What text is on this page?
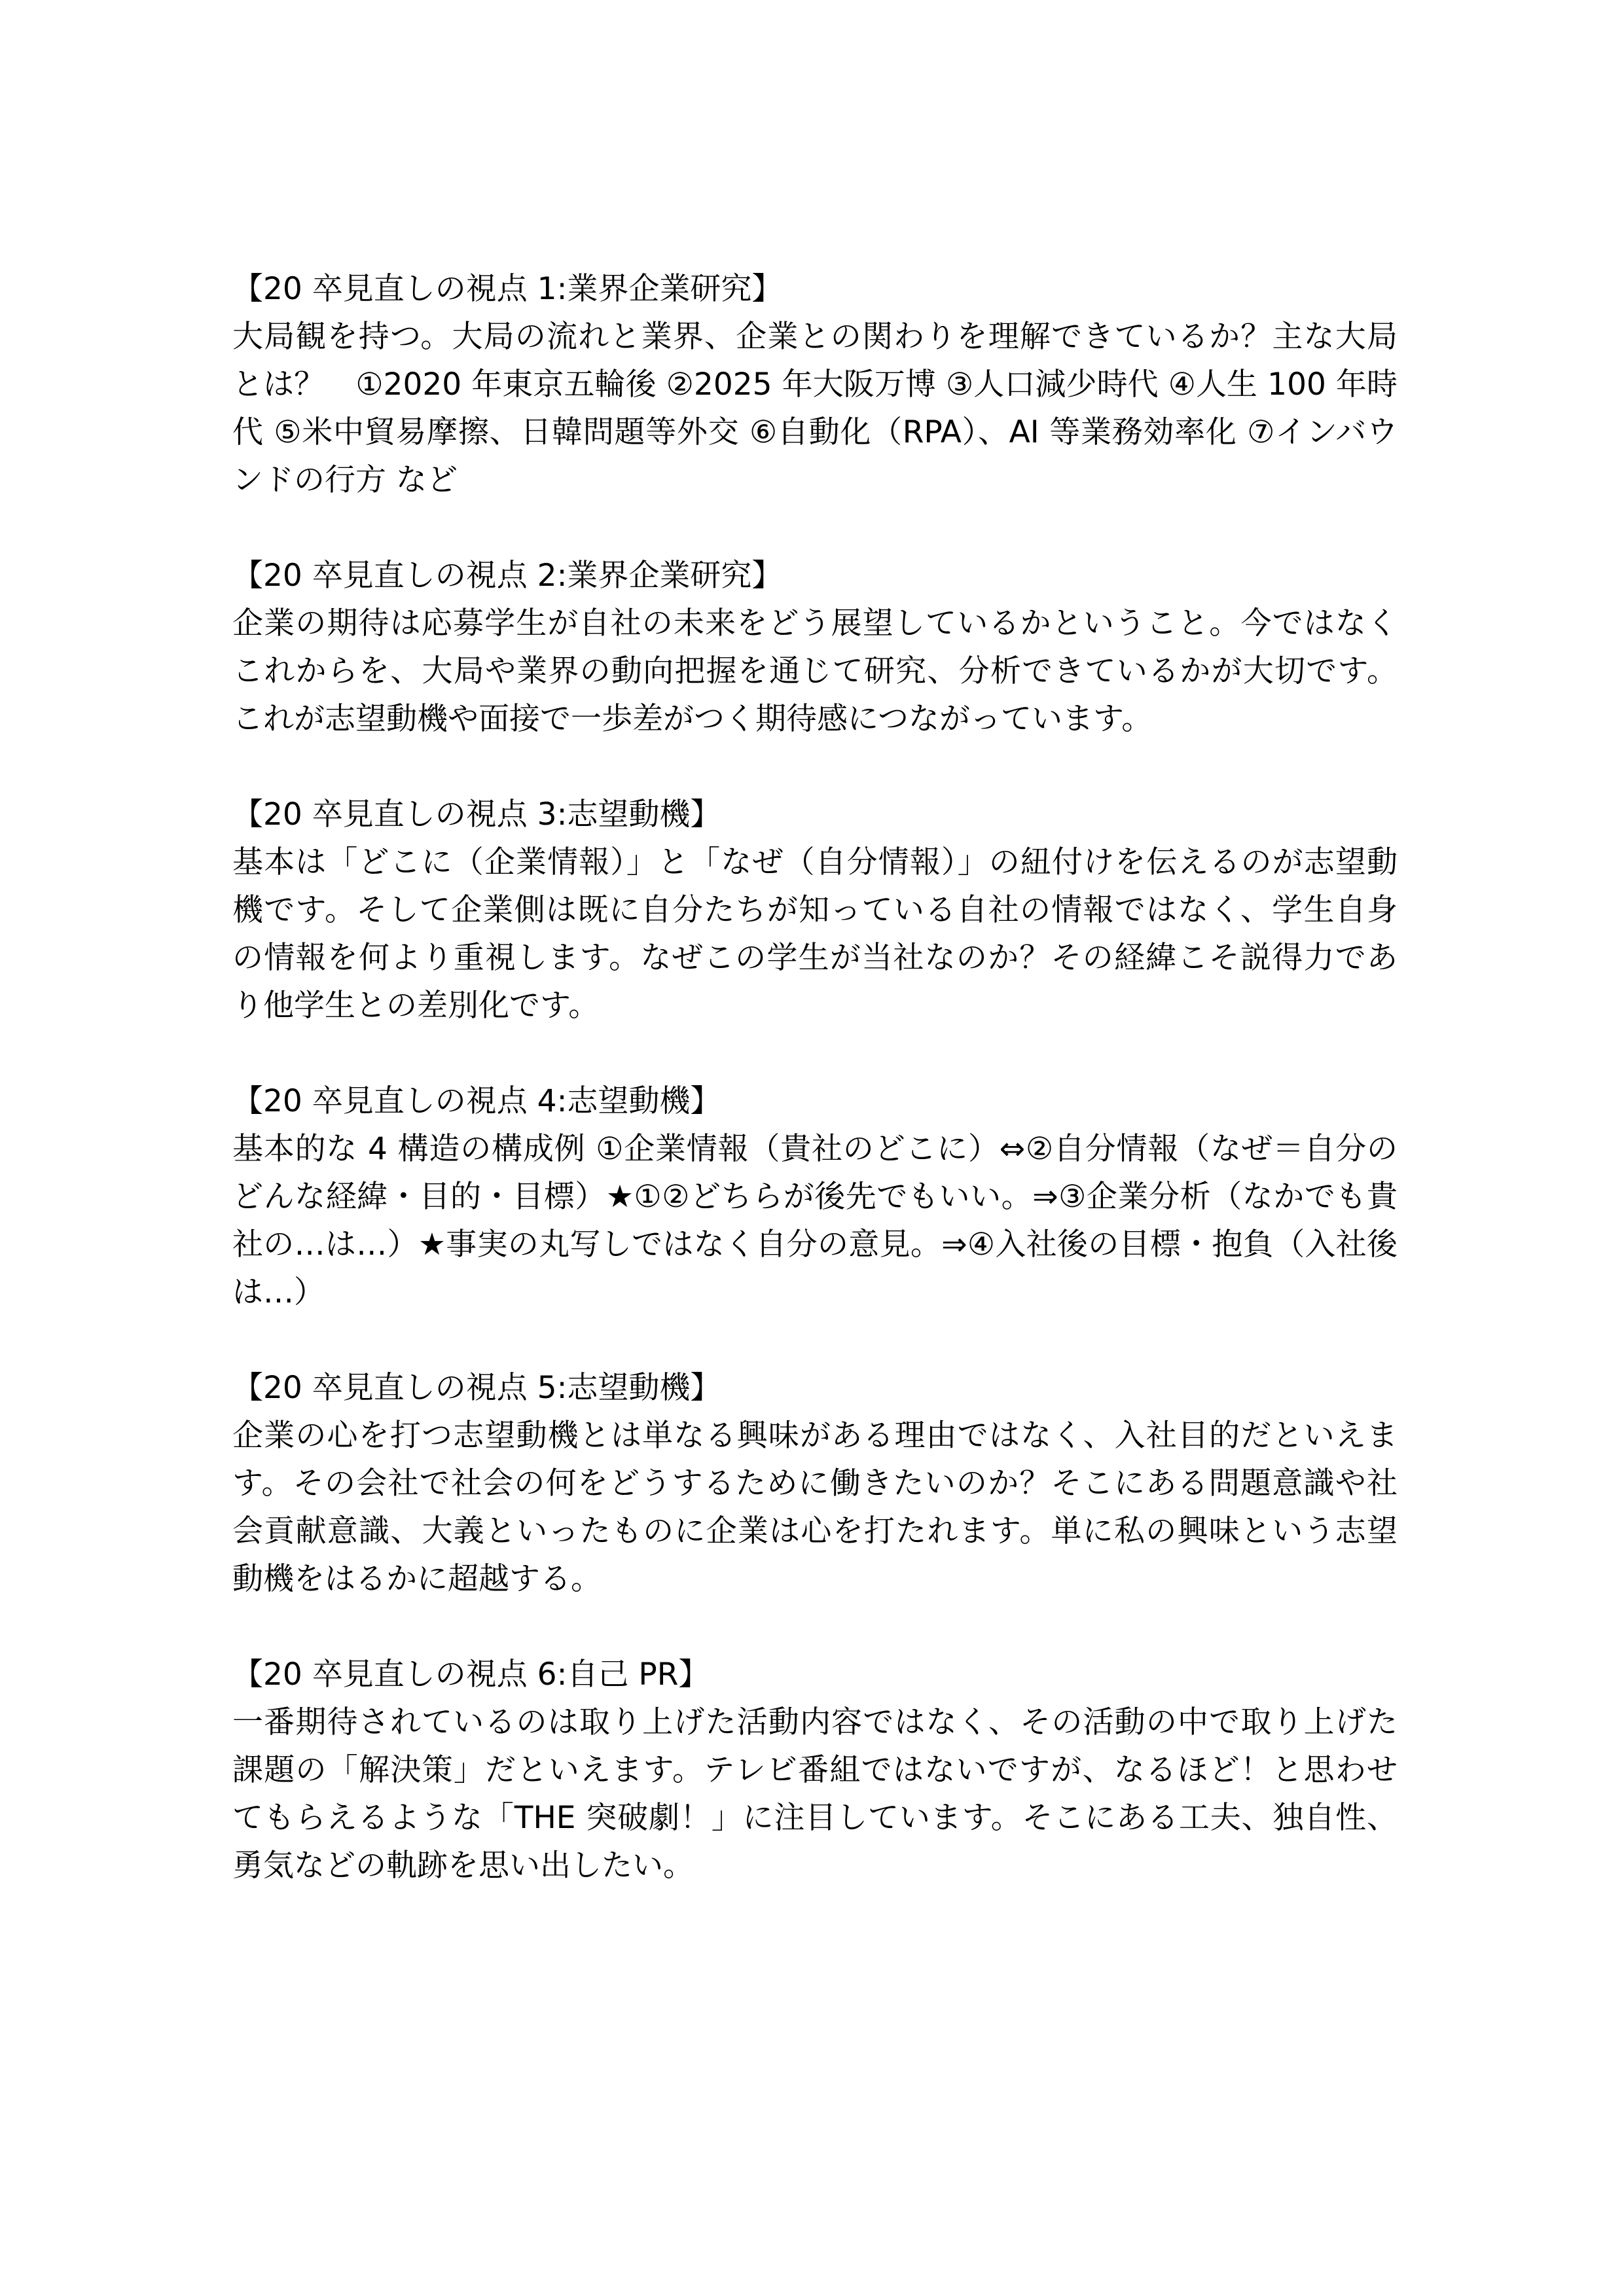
【20 卒見直しの視点 1:業界企業研究】
大局観を持つ。大局の流れと業界、企業との関わりを理解できているか？主な大局とは？　①2020 年東京五輪後 ②2025 年大阪万博 ③人口減少時代 ④人生 100 年時代 ⑤米中貿易摩擦、日韓問題等外交 ⑥自動化（RPA）、AI 等業務効率化 ⑦インバウンドの行方 など
【20 卒見直しの視点 2:業界企業研究】
企業の期待は応募学生が自社の未来をどう展望しているかということ。今ではなくこれからを、大局や業界の動向把握を通じて研究、分析できているかが大切です。これが志望動機や面接で一歩差がつく期待感につながっています。
【20 卒見直しの視点 3:志望動機】
基本は「どこに（企業情報）」と「なぜ（自分情報）」の紐付けを伝えるのが志望動機です。そして企業側は既に自分たちが知っている自社の情報ではなく、学生自身の情報を何より重視します。なぜこの学生が当社なのか？その経緯こそ説得力であり他学生との差別化です。
【20 卒見直しの視点 4:志望動機】
基本的な 4 構造の構成例 ①企業情報（貴社のどこに）⇔②自分情報（なぜ＝自分のどんな経緯・目的・目標）★①②どちらが後先でもいい。⇒③企業分析（なかでも貴社の…は…）★事実の丸写しではなく自分の意見。⇒④入社後の目標・抱負（入社後は…）
【20 卒見直しの視点 5:志望動機】
企業の心を打つ志望動機とは単なる興味がある理由ではなく、入社目的だといえます。その会社で社会の何をどうするために働きたいのか？そこにある問題意識や社会貢献意識、大義といったものに企業は心を打たれます。単に私の興味という志望動機をはるかに超越する。
【20 卒見直しの視点 6:自己 PR】
一番期待されているのは取り上げた活動内容ではなく、その活動の中で取り上げた課題の「解決策」だといえます。テレビ番組ではないですが、なるほど！と思わせてもらえるような「THE 突破劇！」に注目しています。そこにある工夫、独自性、勇気などの軌跡を思い出したい。
